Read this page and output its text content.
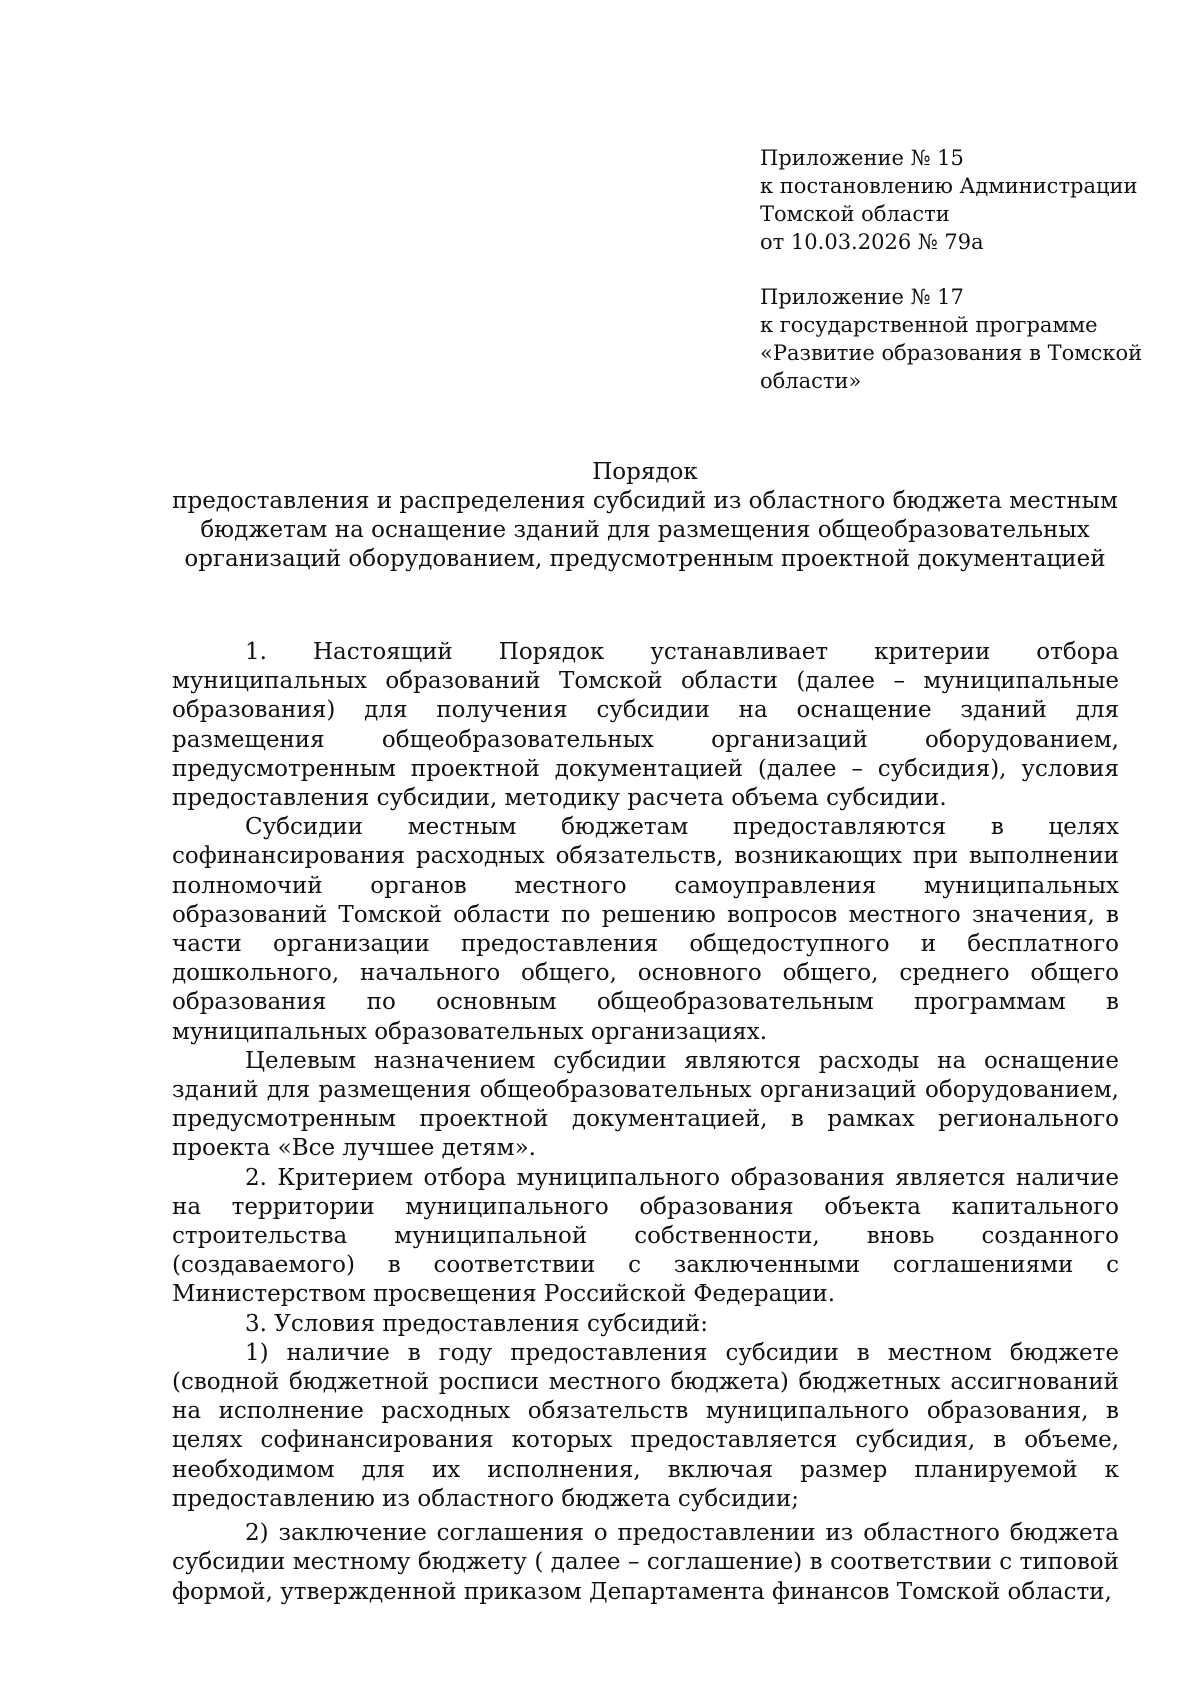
Приложение № 15
к постановлению Администрации
Томской области
от 10.03.2026 № 79а
Приложение № 17
к государственной программе
«Развитие образования в Томской
области»
Порядок
предоставления и распределения субсидий из областного бюджета местным
бюджетам на оснащение зданий для размещения общеобразовательных
организаций оборудованием, предусмотренным проектной документацией

1. Настоящий Порядок устанавливает критерии отбора муниципальных образований Томской области (далее – муниципальные образования) для получения субсидии на оснащение зданий для размещения общеобразовательных организаций оборудованием, предусмотренным проектной документацией (далее – субсидия), условия предоставления субсидии, методику расчета объема субсидии.

Субсидии местным бюджетам предоставляются в целях софинансирования расходных обязательств, возникающих при выполнении полномочий органов местного самоуправления муниципальных образований Томской области по решению вопросов местного значения, в части организации предоставления общедоступного и бесплатного дошкольного, начального общего, основного общего, среднего общего образования по основным общеобразовательным программам в муниципальных образовательных организациях.

Целевым назначением субсидии являются расходы на оснащение зданий для размещения общеобразовательных организаций оборудованием, предусмотренным проектной документацией, в рамках регионального проекта «Все лучшее детям».

2. Критерием отбора муниципального образования является наличие на территории муниципального образования объекта капитального строительства муниципальной собственности, вновь созданного (создаваемого) в соответствии с заключенными соглашениями с Министерством просвещения Российской Федерации.

3. Условия предоставления субсидий:

1) наличие в году предоставления субсидии в местном бюджете (сводной бюджетной росписи местного бюджета) бюджетных ассигнований на исполнение расходных обязательств муниципального образования, в целях софинансирования которых предоставляется субсидия, в объеме, необходимом для их исполнения, включая размер планируемой к предоставлению из областного бюджета субсидии;

2) заключение соглашения о предоставлении из областного бюджета субсидии местному бюджету ( далее – соглашение) в соответствии с типовой формой, утвержденной приказом Департамента финансов Томской области,
